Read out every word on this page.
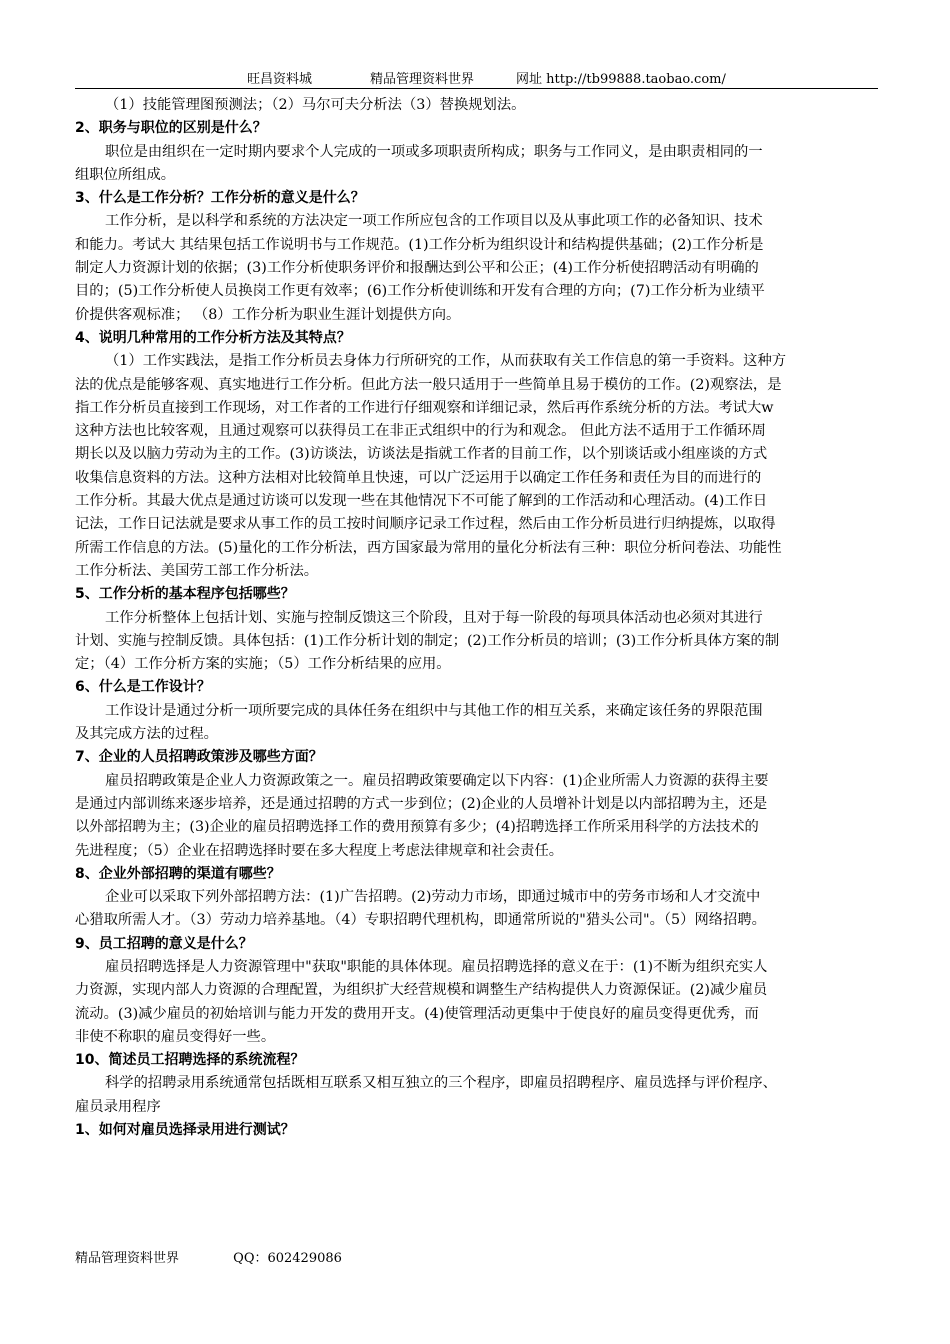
旺昌资料城	精品管理资料世界	网址 http://tb99888.taobao.com/
（1）技能管理图预测法；（2）马尔可夫分析法（3）替换规划法。
2、职务与职位的区别是什么？
职位是由组织在一定时期内要求个人完成的一项或多项职责所构成；职务与工作同义，是由职责相同的一
组职位所组成。
3、什么是工作分析？工作分析的意义是什么？
工作分析，是以科学和系统的方法决定一项工作所应包含的工作项目以及从事此项工作的必备知识、技术
和能力。考试大 其结果包括工作说明书与工作规范。(1)工作分析为组织设计和结构提供基础；(2)工作分析是
制定人力资源计划的依据；(3)工作分析使职务评价和报酬达到公平和公正；(4)工作分析使招聘活动有明确的
目的；(5)工作分析使人员换岗工作更有效率；(6)工作分析使训练和开发有合理的方向；(7)工作分析为业绩平
价提供客观标准； （8）工作分析为职业生涯计划提供方向。
4、说明几种常用的工作分析方法及其特点？
（1）工作实践法，是指工作分析员去身体力行所研究的工作，从而获取有关工作信息的第一手资料。这种方
法的优点是能够客观、真实地进行工作分析。但此方法一般只适用于一些简单且易于模仿的工作。(2)观察法，是
指工作分析员直接到工作现场，对工作者的工作进行仔细观察和详细记录，然后再作系统分析的方法。考试大w
这种方法也比较客观，且通过观察可以获得员工在非正式组织中的行为和观念。 但此方法不适用于工作循环周
期长以及以脑力劳动为主的工作。(3)访谈法，访谈法是指就工作者的目前工作，以个别谈话或小组座谈的方式
收集信息资料的方法。这种方法相对比较简单且快速，可以广泛运用于以确定工作任务和责任为目的而进行的
工作分析。其最大优点是通过访谈可以发现一些在其他情况下不可能了解到的工作活动和心理活动。(4)工作日
记法，工作日记法就是要求从事工作的员工按时间顺序记录工作过程，然后由工作分析员进行归纳提炼，以取得
所需工作信息的方法。(5)量化的工作分析法，西方国家最为常用的量化分析法有三种：职位分析问卷法、功能性
工作分析法、美国劳工部工作分析法。
5、工作分析的基本程序包括哪些？
工作分析整体上包括计划、实施与控制反馈这三个阶段，且对于每一阶段的每项具体活动也必须对其进行
计划、实施与控制反馈。具体包括：(1)工作分析计划的制定；(2)工作分析员的培训；(3)工作分析具体方案的制
定；（4）工作分析方案的实施；（5）工作分析结果的应用。
6、什么是工作设计？
工作设计是通过分析一项所要完成的具体任务在组织中与其他工作的相互关系，来确定该任务的界限范围
及其完成方法的过程。
7、企业的人员招聘政策涉及哪些方面？
雇员招聘政策是企业人力资源政策之一。雇员招聘政策要确定以下内容：(1)企业所需人力资源的获得主要
是通过内部训练来逐步培养，还是通过招聘的方式一步到位；(2)企业的人员增补计划是以内部招聘为主，还是
以外部招聘为主；(3)企业的雇员招聘选择工作的费用预算有多少；(4)招聘选择工作所采用科学的方法技术的
先进程度；（5）企业在招聘选择时要在多大程度上考虑法律规章和社会责任。
8、企业外部招聘的渠道有哪些？
企业可以采取下列外部招聘方法：(1)广告招聘。(2)劳动力市场，即通过城市中的劳务市场和人才交流中
心猎取所需人才。（3）劳动力培养基地。（4）专职招聘代理机构，即通常所说的"猎头公司"。（5）网络招聘。
9、员工招聘的意义是什么？
雇员招聘选择是人力资源管理中"获取"职能的具体体现。雇员招聘选择的意义在于：(1)不断为组织充实人
力资源，实现内部人力资源的合理配置，为组织扩大经营规模和调整生产结构提供人力资源保证。(2)减少雇员
流动。(3)减少雇员的初始培训与能力开发的费用开支。(4)使管理活动更集中于使良好的雇员变得更优秀，而
非使不称职的雇员变得好一些。
10、简述员工招聘选择的系统流程？
科学的招聘录用系统通常包括既相互联系又相互独立的三个程序，即雇员招聘程序、雇员选择与评价程序、
雇员录用程序
1、如何对雇员选择录用进行测试？
精品管理资料世界	QQ：602429086
